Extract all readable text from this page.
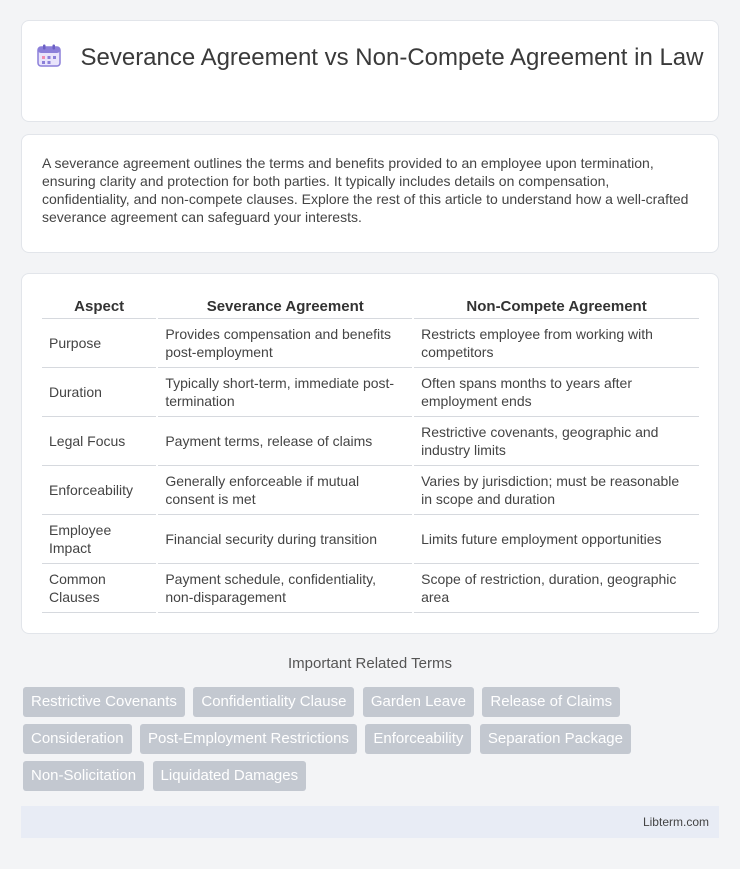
Severance Agreement vs Non-Compete Agreement in Law

A severance agreement outlines the terms and benefits provided to an employee upon termination, ensuring clarity and protection for both parties. It typically includes details on compensation, confidentiality, and non-compete clauses. Explore the rest of this article to understand how a well-crafted severance agreement can safeguard your interests.

Aspect	Severance Agreement	Non-Compete Agreement
Purpose	Provides compensation and benefits post-employment	Restricts employee from working with competitors
Duration	Typically short-term, immediate post-termination	Often spans months to years after employment ends
Legal Focus	Payment terms, release of claims	Restrictive covenants, geographic and industry limits
Enforceability	Generally enforceable if mutual consent is met	Varies by jurisdiction; must be reasonable in scope and duration
Employee Impact	Financial security during transition	Limits future employment opportunities
Common Clauses	Payment schedule, confidentiality, non-disparagement	Scope of restriction, duration, geographic area
Important Related Terms
Restrictive Covenants Confidentiality Clause Garden Leave Release of Claims
Consideration Post-Employment Restrictions Enforceability Separation Package
Non-Solicitation Liquidated Damages
Libterm.com
